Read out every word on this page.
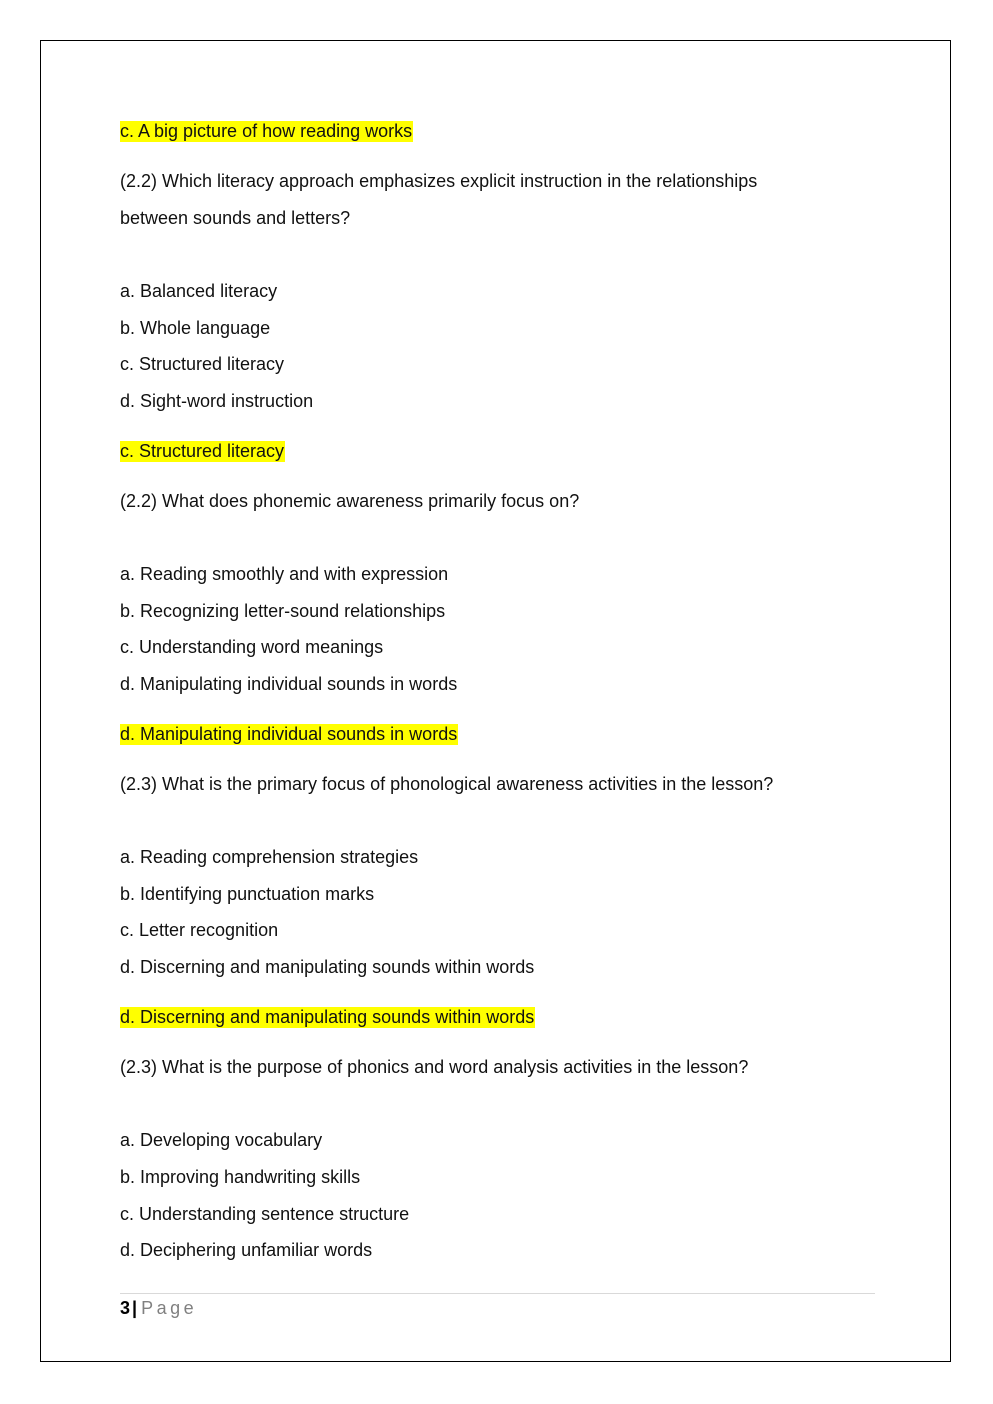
c. A big picture of how reading works
(2.2) Which literacy approach emphasizes explicit instruction in the relationships
between sounds and letters?
a. Balanced literacy
b. Whole language
c. Structured literacy
d. Sight-word instruction
c. Structured literacy
(2.2) What does phonemic awareness primarily focus on?
a. Reading smoothly and with expression
b. Recognizing letter-sound relationships
c. Understanding word meanings
d. Manipulating individual sounds in words
d. Manipulating individual sounds in words
(2.3) What is the primary focus of phonological awareness activities in the lesson?
a. Reading comprehension strategies
b. Identifying punctuation marks
c. Letter recognition
d. Discerning and manipulating sounds within words
d. Discerning and manipulating sounds within words
(2.3) What is the purpose of phonics and word analysis activities in the lesson?
a. Developing vocabulary
b. Improving handwriting skills
c. Understanding sentence structure
d. Deciphering unfamiliar words
3 | Page
